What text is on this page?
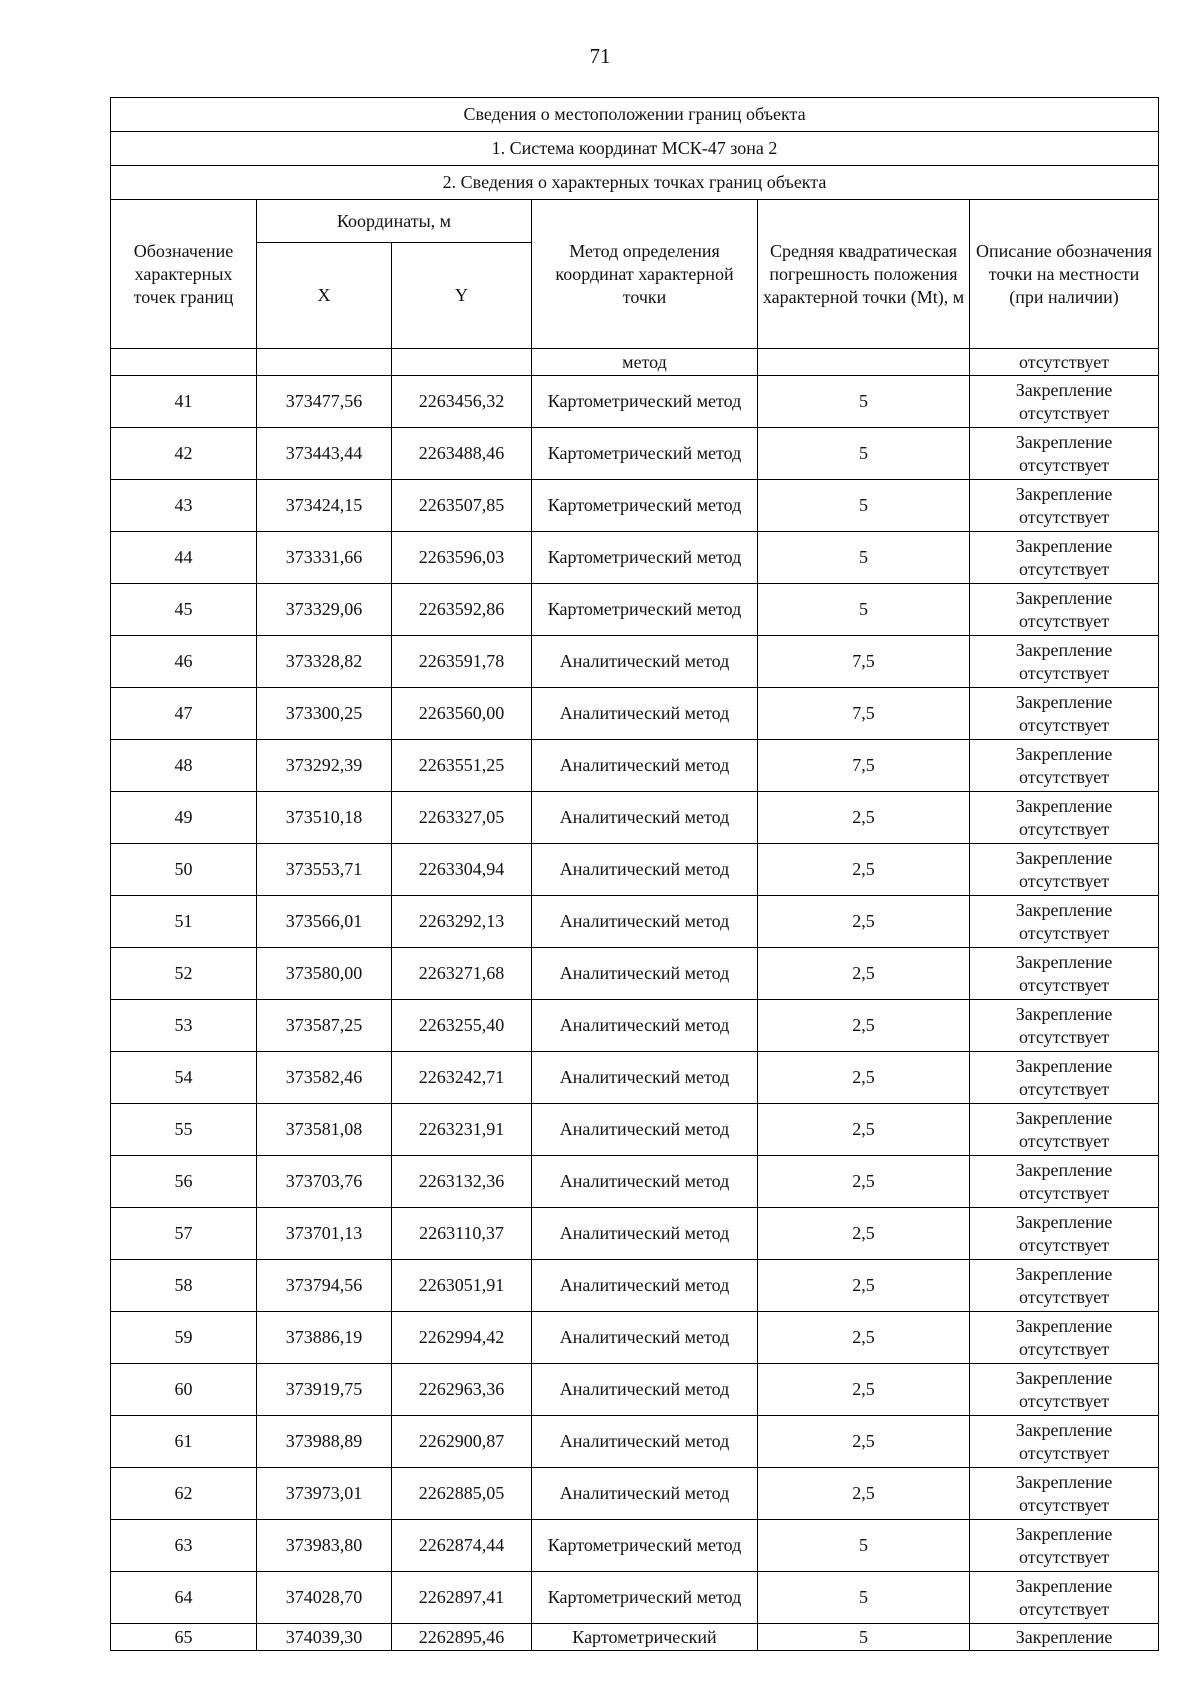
71
Сведения о местоположении границ объекта					
1. Система координат МСК-47 зона 2					
2. Сведения о характерных точках границ объекта					
Обозначение характерных точек границ	Координаты, м		Метод определения координат характерной точки	Средняя квадратическая погрешность положения характерной точки (Mt), м	Описание обозначения точки на местности (при наличии)
	X	Y			
			метод		отсутствует
41	373477,56	2263456,32	Картометрический метод	5	Закрепление отсутствует
42	373443,44	2263488,46	Картометрический метод	5	Закрепление отсутствует
43	373424,15	2263507,85	Картометрический метод	5	Закрепление отсутствует
44	373331,66	2263596,03	Картометрический метод	5	Закрепление отсутствует
45	373329,06	2263592,86	Картометрический метод	5	Закрепление отсутствует
46	373328,82	2263591,78	Аналитический метод	7,5	Закрепление отсутствует
47	373300,25	2263560,00	Аналитический метод	7,5	Закрепление отсутствует
48	373292,39	2263551,25	Аналитический метод	7,5	Закрепление отсутствует
49	373510,18	2263327,05	Аналитический метод	2,5	Закрепление отсутствует
50	373553,71	2263304,94	Аналитический метод	2,5	Закрепление отсутствует
51	373566,01	2263292,13	Аналитический метод	2,5	Закрепление отсутствует
52	373580,00	2263271,68	Аналитический метод	2,5	Закрепление отсутствует
53	373587,25	2263255,40	Аналитический метод	2,5	Закрепление отсутствует
54	373582,46	2263242,71	Аналитический метод	2,5	Закрепление отсутствует
55	373581,08	2263231,91	Аналитический метод	2,5	Закрепление отсутствует
56	373703,76	2263132,36	Аналитический метод	2,5	Закрепление отсутствует
57	373701,13	2263110,37	Аналитический метод	2,5	Закрепление отсутствует
58	373794,56	2263051,91	Аналитический метод	2,5	Закрепление отсутствует
59	373886,19	2262994,42	Аналитический метод	2,5	Закрепление отсутствует
60	373919,75	2262963,36	Аналитический метод	2,5	Закрепление отсутствует
61	373988,89	2262900,87	Аналитический метод	2,5	Закрепление отсутствует
62	373973,01	2262885,05	Аналитический метод	2,5	Закрепление отсутствует
63	373983,80	2262874,44	Картометрический метод	5	Закрепление отсутствует
64	374028,70	2262897,41	Картометрический метод	5	Закрепление отсутствует
65	374039,30	2262895,46	Картометрический	5	Закрепление
